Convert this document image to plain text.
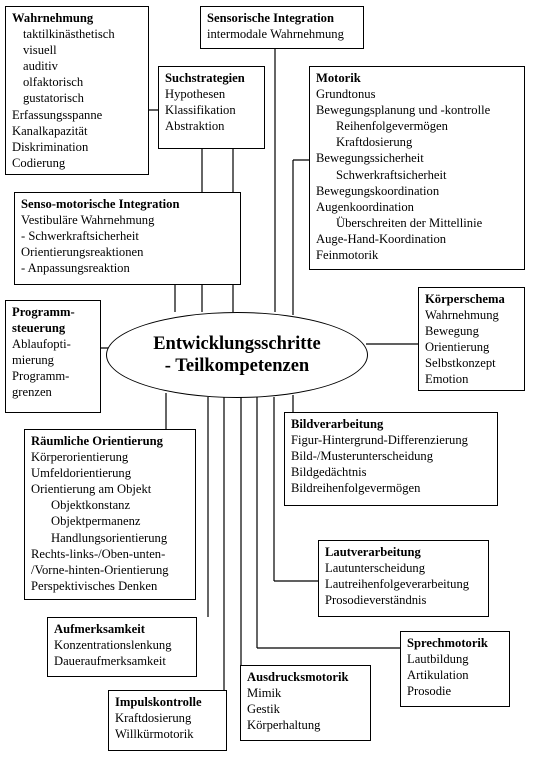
Entwicklungsschritte
- Teilkompetenzen
Wahrnehmung
taktilkinästhetisch
visuell
auditiv
olfaktorisch
gustatorisch
Erfassungsspanne
Kanalkapazität
Diskrimination
Codierung
Sensorische Integration
intermodale Wahrnehmung
Suchstrategien
Hypothesen
Klassifikation
Abstraktion
Motorik
Grundtonus
Bewegungsplanung und -kontrolle
Reihenfolgevermögen
Kraftdosierung
Bewegungssicherheit
Schwerkraftsicherheit
Bewegungskoordination
Augenkoordination
Überschreiten der Mittellinie
Auge-Hand-Koordination
Feinmotorik
Senso-motorische Integration
Vestibuläre Wahrnehmung
- Schwerkraftsicherheit
Orientierungsreaktionen
- Anpassungsreaktion
Körperschema
Wahrnehmung
Bewegung
Orientierung
Selbstkonzept
Emotion
Programm-
steuerung
Ablaufopti-
mierung
Programm-
grenzen
Räumliche Orientierung
Körperorientierung
Umfeldorientierung
Orientierung am Objekt
Objektkonstanz
Objektpermanenz
Handlungsorientierung
Rechts-links-/Oben-unten-
/Vorne-hinten-Orientierung
Perspektivisches Denken
Bildverarbeitung
Figur-Hintergrund-Differenzierung
Bild-/Musterunterscheidung
Bildgedächtnis
Bildreihenfolgevermögen
Lautverarbeitung
Lautunterscheidung
Lautreihenfolgeverarbeitung
Prosodieverständnis
Aufmerksamkeit
Konzentrationslenkung
Daueraufmerksamkeit
Sprechmotorik
Lautbildung
Artikulation
Prosodie
Ausdrucksmotorik
Mimik
Gestik
Körperhaltung
Impulskontrolle
Kraftdosierung
Willkürmotorik
